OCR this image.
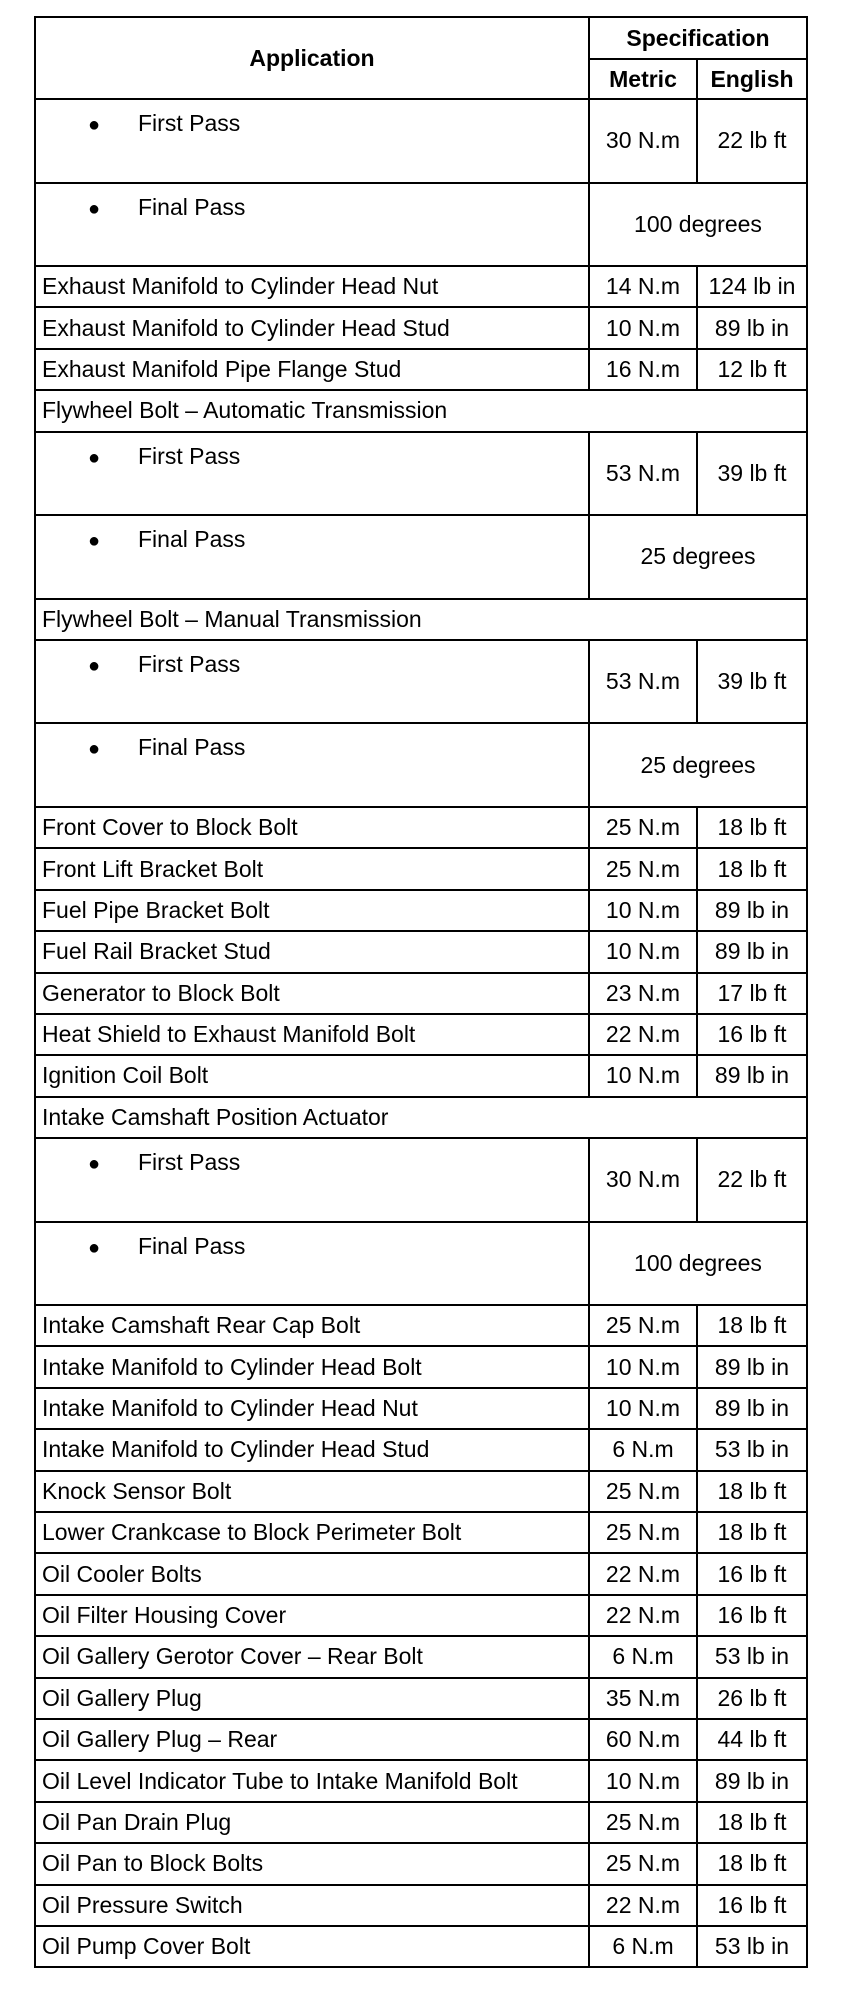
Application	Specification	
	Metric	English
● First Pass	30 N.m	22 lb ft
● Final Pass	100 degrees	
Exhaust Manifold to Cylinder Head Nut	14 N.m	124 lb in
Exhaust Manifold to Cylinder Head Stud	10 N.m	89 lb in
Exhaust Manifold Pipe Flange Stud	16 N.m	12 lb ft
Flywheel Bolt – Automatic Transmission		
● First Pass	53 N.m	39 lb ft
● Final Pass	25 degrees	
Flywheel Bolt – Manual Transmission		
● First Pass	53 N.m	39 lb ft
● Final Pass	25 degrees	
Front Cover to Block Bolt	25 N.m	18 lb ft
Front Lift Bracket Bolt	25 N.m	18 lb ft
Fuel Pipe Bracket Bolt	10 N.m	89 lb in
Fuel Rail Bracket Stud	10 N.m	89 lb in
Generator to Block Bolt	23 N.m	17 lb ft
Heat Shield to Exhaust Manifold Bolt	22 N.m	16 lb ft
Ignition Coil Bolt	10 N.m	89 lb in
Intake Camshaft Position Actuator		
● First Pass	30 N.m	22 lb ft
● Final Pass	100 degrees	
Intake Camshaft Rear Cap Bolt	25 N.m	18 lb ft
Intake Manifold to Cylinder Head Bolt	10 N.m	89 lb in
Intake Manifold to Cylinder Head Nut	10 N.m	89 lb in
Intake Manifold to Cylinder Head Stud	6 N.m	53 lb in
Knock Sensor Bolt	25 N.m	18 lb ft
Lower Crankcase to Block Perimeter Bolt	25 N.m	18 lb ft
Oil Cooler Bolts	22 N.m	16 lb ft
Oil Filter Housing Cover	22 N.m	16 lb ft
Oil Gallery Gerotor Cover – Rear Bolt	6 N.m	53 lb in
Oil Gallery Plug	35 N.m	26 lb ft
Oil Gallery Plug – Rear	60 N.m	44 lb ft
Oil Level Indicator Tube to Intake Manifold Bolt	10 N.m	89 lb in
Oil Pan Drain Plug	25 N.m	18 lb ft
Oil Pan to Block Bolts	25 N.m	18 lb ft
Oil Pressure Switch	22 N.m	16 lb ft
Oil Pump Cover Bolt	6 N.m	53 lb in
